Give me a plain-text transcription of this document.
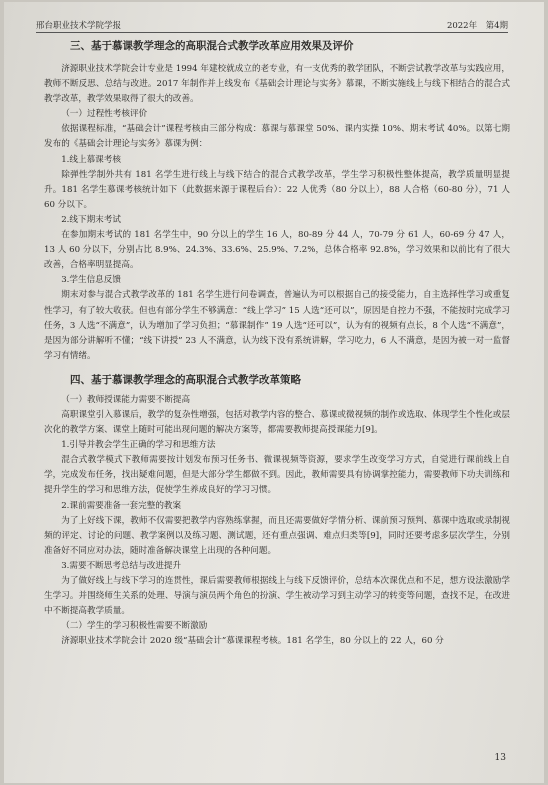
邢台职业技术学院学报	2022年　第4期
三、基于慕课教学理念的高职混合式教学改革应用效果及评价

济源职业技术学院会计专业是 1994 年建校就成立的老专业，有一支优秀的教学团队，不断尝试教学改革与实践应用，教师不断反思、总结与改进。2017 年制作并上线发布《基础会计理论与实务》慕课，不断实施线上与线下相结合的混合式教学改革，教学效果取得了很大的改善。

（一）过程性考核评价

依据课程标准，“基础会计”课程考核由三部分构成：慕课与慕课堂 50%、课内实操 10%、期末考试 40%。以第七期发布的《基础会计理论与实务》慕课为例：

1.线上慕课考核

除弹性学制外共有 181 名学生进行线上与线下结合的混合式教学改革，学生学习积极性整体提高，教学质量明显提升。181 名学生慕课考核统计如下（此数据来源于课程后台）：22 人优秀（80 分以上），88 人合格（60-80 分），71 人 60 分以下。

2.线下期末考试

在参加期末考试的 181 名学生中，90 分以上的学生 16 人，80-89 分 44 人，70-79 分 61 人，60-69 分 47 人，13 人 60 分以下，分别占比 8.9%、24.3%、33.6%、25.9%、7.2%，总体合格率 92.8%，学习效果和以前比有了很大改善，合格率明显提高。

3.学生信息反馈

期末对参与混合式教学改革的 181 名学生进行问卷调查，普遍认为可以根据自己的接受能力，自主选择性学习或重复性学习，有了较大收获。但也有部分学生不够满意：“线上学习” 15 人选“还可以”，原因是自控力不强，不能按时完成学习任务，3 人选“不满意”，认为增加了学习负担；“慕课制作” 19 人选“还可以”，认为有的视频有点长，8 个人选“不满意”，是因为部分讲解听不懂；“线下讲授” 23 人不满意，认为线下没有系统讲解，学习吃力，6 人不满意，是因为被一对一监督学习有情绪。

四、基于慕课教学理念的高职混合式教学改革策略

（一）教师授课能力需要不断提高

高职课堂引入慕课后，教学的复杂性增强，包括对教学内容的整合、慕课或微视频的制作或选取、体现学生个性化或层次化的教学方案、课堂上随时可能出现问题的解决方案等，都需要教师提高授课能力[9]。

1.引导并教会学生正确的学习和思维方法

混合式教学模式下教师需要按计划发布预习任务书、微课视频等资源，要求学生改变学习方式，自觉进行课前线上自学，完成发布任务，找出疑难问题，但是大部分学生都做不到。因此，教师需要具有协调掌控能力，需要教师下功夫训练和提升学生的学习和思维方法，促使学生养成良好的学习习惯。

2.课前需要准备一套完整的教案

为了上好线下课，教师不仅需要把教学内容熟练掌握，而且还需要做好学情分析、课前预习预判、慕课中选取或录制视频的评定、讨论的问题、教学案例以及练习题、测试题，还有重点强调、难点归类等[9]，同时还要考虑多层次学生，分别准备好不同应对办法，随时准备解决课堂上出现的各种问题。

3.需要不断思考总结与改进提升

为了做好线上与线下学习的连贯性，课后需要教师根据线上与线下反馈评价，总结本次课优点和不足，想方设法激励学生学习。并围绕师生关系的处理、导演与演员两个角色的扮演、学生被动学习到主动学习的转变等问题，查找不足，在改进中不断提高教学质量。

（二）学生的学习积极性需要不断激励

济源职业技术学院会计 2020 级“基础会计”慕课课程考核。181 名学生，80 分以上的 22 人，60 分

13
